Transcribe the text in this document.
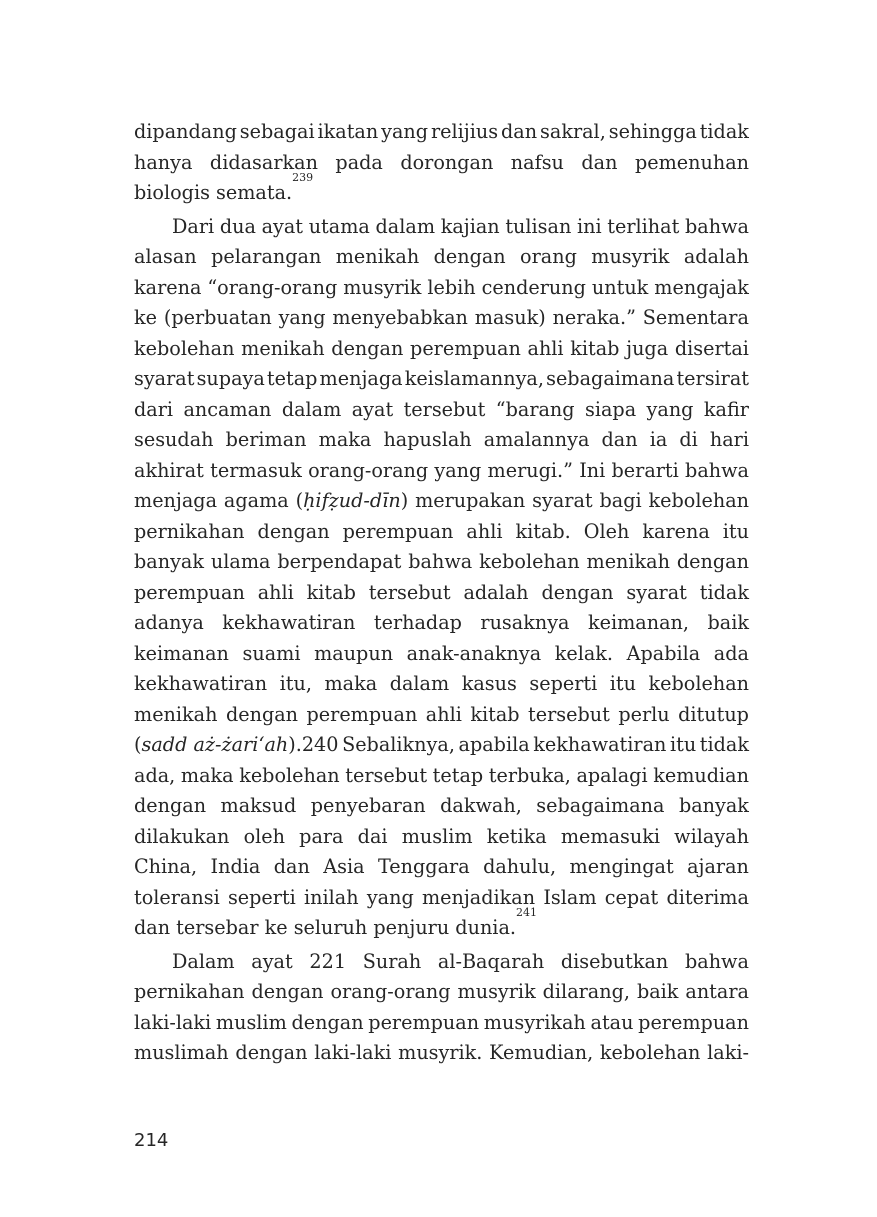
dipandang sebagai ikatan yang relijius dan sakral, sehingga tidak
hanya didasarkan pada dorongan nafsu dan pemenuhan
biologis semata.
239
Dari dua ayat utama dalam kajian tulisan ini terlihat bahwa
alasan pelarangan menikah dengan orang musyrik adalah
karena “orang-orang musyrik lebih cenderung untuk mengajak
ke (perbuatan yang menyebabkan masuk) neraka.” Sementara
kebolehan menikah dengan perempuan ahli kitab juga disertai
syarat supaya tetap menjaga keislamannya, sebagaimana tersirat
dari ancaman dalam ayat tersebut “barang siapa yang kafir
sesudah beriman maka hapuslah amalannya dan ia di hari
akhirat termasuk orang-orang yang merugi.” Ini berarti bahwa
menjaga agama (ḥifẓud-dīn) merupakan syarat bagi kebolehan
pernikahan dengan perempuan ahli kitab. Oleh karena itu
banyak ulama berpendapat bahwa kebolehan menikah dengan
perempuan ahli kitab tersebut adalah dengan syarat tidak
adanya kekhawatiran terhadap rusaknya keimanan, baik
keimanan suami maupun anak-anaknya kelak. Apabila ada
kekhawatiran itu, maka dalam kasus seperti itu kebolehan
menikah dengan perempuan ahli kitab tersebut perlu ditutup
(sadd aż-żari‘ah).240 Sebaliknya, apabila kekhawatiran itu tidak
ada, maka kebolehan tersebut tetap terbuka, apalagi kemudian
dengan maksud penyebaran dakwah, sebagaimana banyak
dilakukan oleh para dai muslim ketika memasuki wilayah
China, India dan Asia Tenggara dahulu, mengingat ajaran
toleransi seperti inilah yang menjadikan Islam cepat diterima
dan tersebar ke seluruh penjuru dunia.
241
Dalam ayat 221 Surah al-Baqarah disebutkan bahwa
pernikahan dengan orang-orang musyrik dilarang, baik antara
laki-laki muslim dengan perempuan musyrikah atau perempuan
muslimah dengan laki-laki musyrik. Kemudian, kebolehan laki-
214
